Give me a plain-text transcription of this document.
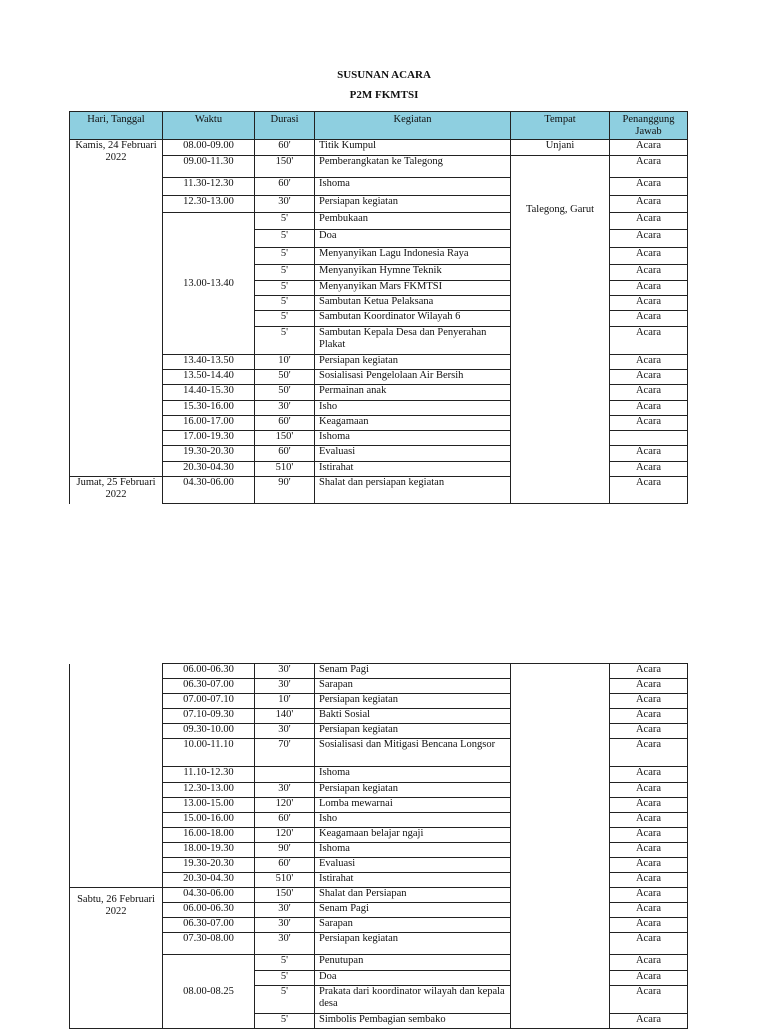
SUSUNAN ACARA
P2M FKMTSI
Hari, Tanggal	Waktu	Durasi	Kegiatan	Tempat	Penanggung Jawab
Kamis, 24 Februari 2022	08.00-09.00	60'	Titik Kumpul	Unjani	Acara
	09.00-11.30	150'	Pemberangkatan ke Talegong		Acara
	11.30-12.30	60'	Ishoma	Talegong, Garut	Acara
	12.30-13.00	30'	Persiapan kegiatan		Acara
	13.00-13.40	5'	Pembukaan		Acara
		5'	Doa		Acara
		5'	Menyanyikan Lagu Indonesia Raya		Acara
		5'	Menyanyikan Hymne Teknik		Acara
		5'	Menyanyikan Mars FKMTSI		Acara
		5'	Sambutan Ketua Pelaksana		Acara
		5'	Sambutan Koordinator Wilayah 6		Acara
		5'	Sambutan Kepala Desa dan Penyerahan Plakat		Acara
	13.40-13.50	10'	Persiapan kegiatan		Acara
	13.50-14.40	50'	Sosialisasi Pengelolaan Air Bersih		Acara
	14.40-15.30	50'	Permainan anak		Acara
	15.30-16.00	30'	Isho		Acara
	16.00-17.00	60'	Keagamaan		Acara
	17.00-19.30	150'	Ishoma		
	19.30-20.30	60'	Evaluasi		Acara
	20.30-04.30	510'	Istirahat		Acara
Jumat, 25 Februari 2022	04.30-06.00	90'	Shalat dan persiapan kegiatan		Acara
	06.00-06.30	30'	Senam Pagi		Acara
	06.30-07.00	30'	Sarapan		Acara
	07.00-07.10	10'	Persiapan kegiatan		Acara
	07.10-09.30	140'	Bakti Sosial		Acara
	09.30-10.00	30'	Persiapan kegiatan		Acara
	10.00-11.10	70'	Sosialisasi dan Mitigasi Bencana Longsor		Acara
	11.10-12.30		Ishoma		Acara
	12.30-13.00	30'	Persiapan kegiatan		Acara
	13.00-15.00	120'	Lomba mewarnai		Acara
	15.00-16.00	60'	Isho		Acara
	16.00-18.00	120'	Keagamaan belajar ngaji		Acara
	18.00-19.30	90'	Ishoma		Acara
	19.30-20.30	60'	Evaluasi		Acara
	20.30-04.30	510'	Istirahat		Acara

Sabtu, 26 Februari 2022	04.30-06.00	150'	Shalat dan Persiapan		Acara
	06.00-06.30	30'	Senam Pagi		Acara
	06.30-07.00	30'	Sarapan		Acara
	07.30-08.00	30'	Persiapan kegiatan		Acara
	08.00-08.25	5'	Penutupan		Acara
		5'	Doa		Acara
		5'	Prakata dari koordinator wilayah dan kepala desa		Acara
		5'	Simbolis Pembagian sembako		Acara
